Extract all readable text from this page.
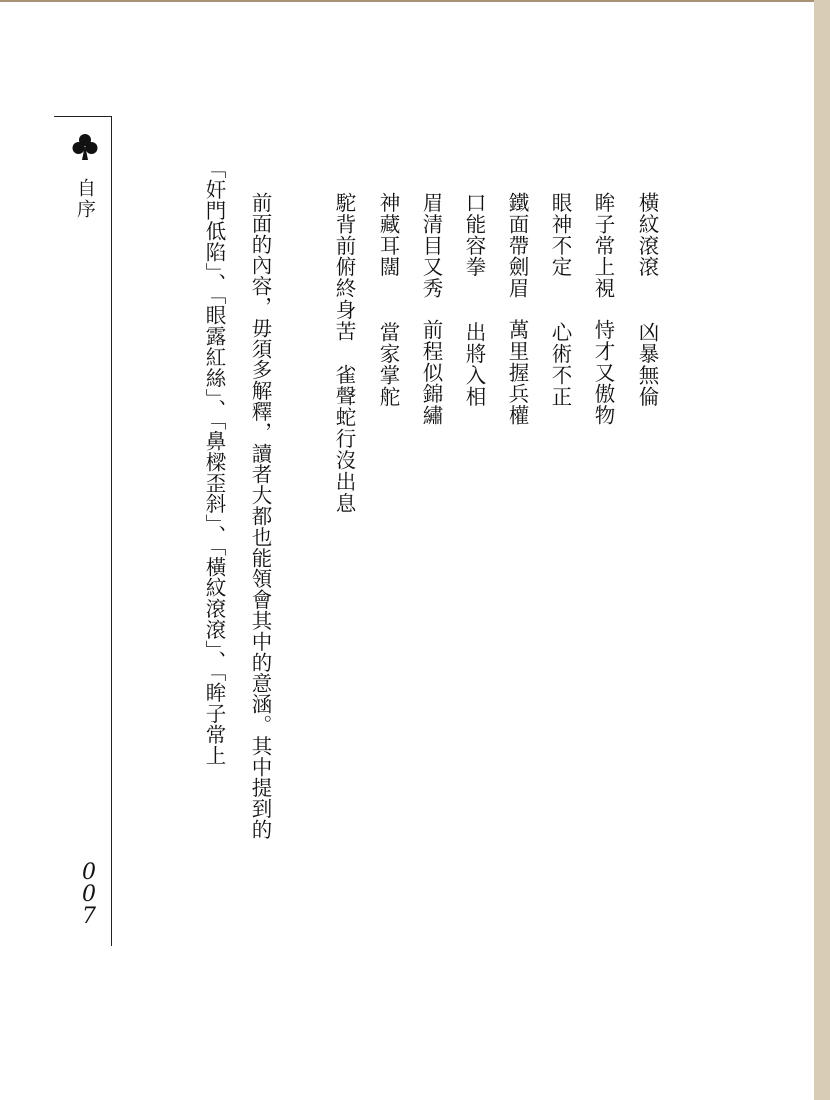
自序
007
橫紋滾滾凶暴無倫
眸子常上視恃才又傲物
眼神不定心術不正
鐵面帶劍眉萬里握兵權
口能容拳出將入相
眉清目又秀前程似錦繡
神藏耳闊當家掌舵
駝背前俯終身苦雀聲蛇行沒出息
前面的內容，毋須多解釋，讀者大都也能領會其中的意涵。其中提到的
「奸門低陷」、「眼露紅絲」、「鼻樑歪斜」、「橫紋滾滾」、「眸子常上
